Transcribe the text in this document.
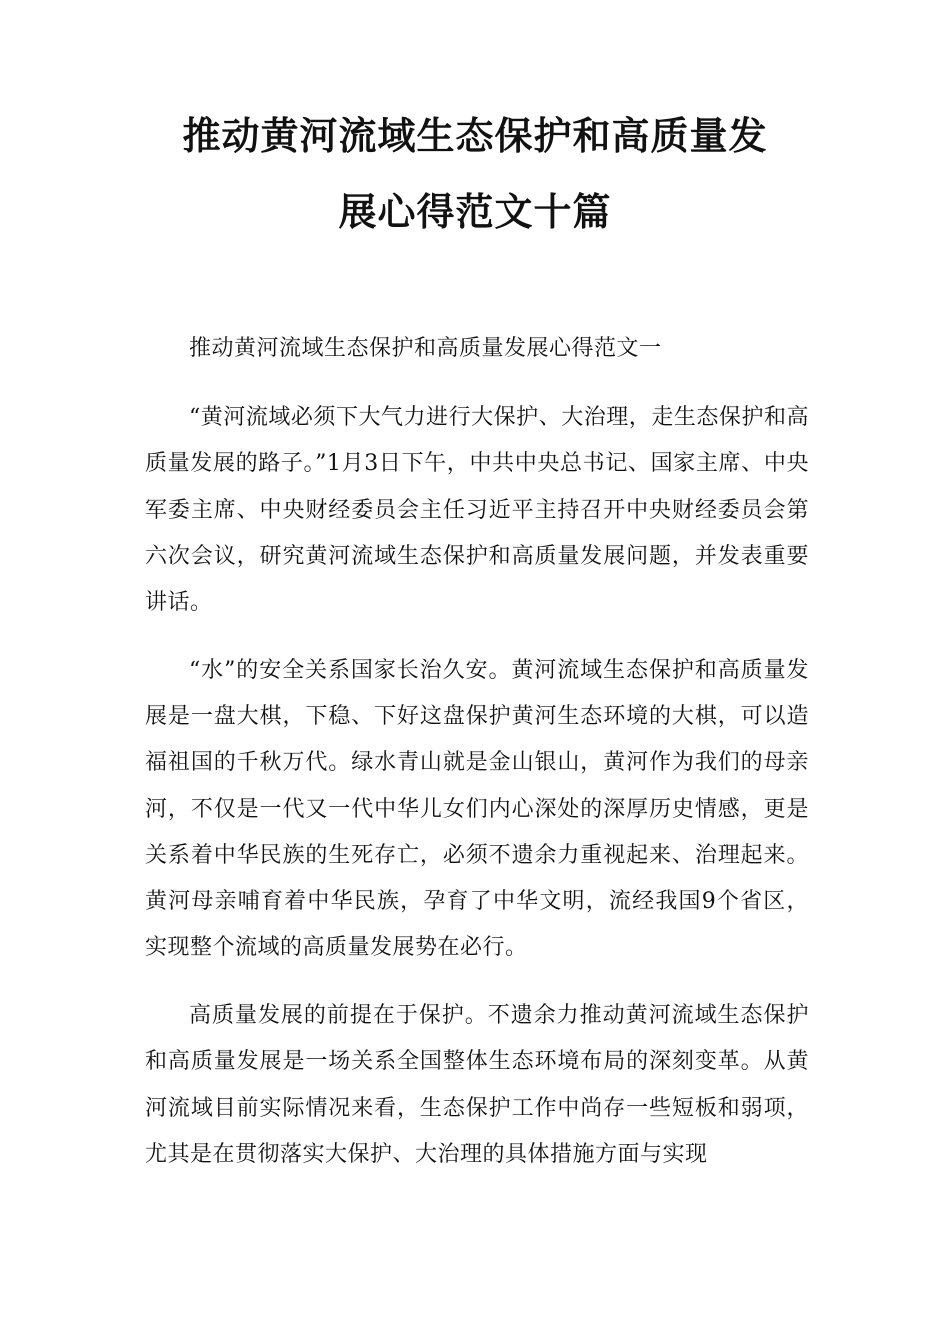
推动黄河流域生态保护和高质量发
展心得范文十篇

推动黄河流域生态保护和高质量发展心得范文一

“黄河流域必须下大气力进行大保护、大治理，走生态保护和高质量发展的路子。”1月3日下午，中共中央总书记、国家主席、中央军委主席、中央财经委员会主任习近平主持召开中央财经委员会第六次会议，研究黄河流域生态保护和高质量发展问题，并发表重要讲话。

“水”的安全关系国家长治久安。黄河流域生态保护和高质量发展是一盘大棋，下稳、下好这盘保护黄河生态环境的大棋，可以造福祖国的千秋万代。绿水青山就是金山银山，黄河作为我们的母亲河，不仅是一代又一代中华儿女们内心深处的深厚历史情感，更是关系着中华民族的生死存亡，必须不遗余力重视起来、治理起来。黄河母亲哺育着中华民族，孕育了中华文明，流经我国9个省区，实现整个流域的高质量发展势在必行。

高质量发展的前提在于保护。不遗余力推动黄河流域生态保护和高质量发展是一场关系全国整体生态环境布局的深刻变革。从黄河流域目前实际情况来看，生态保护工作中尚存一些短板和弱项，尤其是在贯彻落实大保护、大治理的具体措施方面与实现
